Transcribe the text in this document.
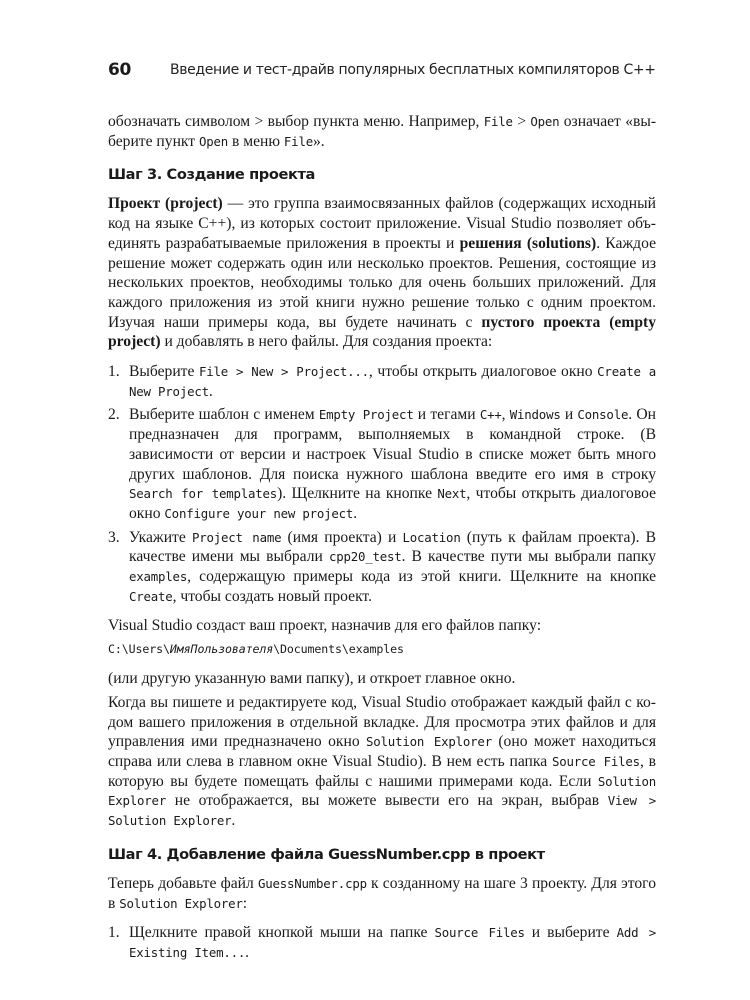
60	Введение и тест-драйв популярных бесплатных компиляторов C++

обозначать символом > выбор пункта меню. Например, File > Open означает «вы-берите пункт Open в меню File».

Шаг 3. Создание проекта

Проект (project) — это группа взаимосвязанных файлов (содержащих исходный код на языке C++), из которых состоит приложение. Visual Studio позволяет объ-единять разрабатываемые приложения в проекты и решения (solutions). Каждое решение может содержать один или несколько проектов. Решения, состоящие из нескольких проектов, необходимы только для очень больших приложений. Для каждого приложения из этой книги нужно решение только с одним проектом. Изучая наши примеры кода, вы будете начинать с пустого проекта (empty project) и добавлять в него файлы. Для создания проекта:

1. Выберите File > New > Project..., чтобы открыть диалоговое окно Create a New Project.

2. Выберите шаблон с именем Empty Project и тегами C++, Windows и Console. Он предназначен для программ, выполняемых в командной строке. (В зависимости от версии и настроек Visual Studio в списке может быть много других шаблонов. Для поиска нужного шаблона введите его имя в строку Search for templates). Щелкните на кнопке Next, чтобы открыть диалоговое окно Configure your new project.

3. Укажите Project name (имя проекта) и Location (путь к файлам проекта). В качестве имени мы выбрали cpp20_test. В качестве пути мы выбрали папку examples, содержащую примеры кода из этой книги. Щелкните на кнопке Create, чтобы создать новый проект.

Visual Studio создаст ваш проект, назначив для его файлов папку:

C:\Users\ИмяПользователя\Documents\examples

(или другую указанную вами папку), и откроет главное окно.

Когда вы пишете и редактируете код, Visual Studio отображает каждый файл с ко-дом вашего приложения в отдельной вкладке. Для просмотра этих файлов и для управления ими предназначено окно Solution Explorer (оно может находиться справа или слева в главном окне Visual Studio). В нем есть папка Source Files, в которую вы будете помещать файлы с нашими примерами кода. Если Solution Explorer не отображается, вы можете вывести его на экран, выбрав View > Solution Explorer.

Шаг 4. Добавление файла GuessNumber.cpp в проект

Теперь добавьте файл GuessNumber.cpp к созданному на шаге 3 проекту. Для этого в Solution Explorer:

1. Щелкните правой кнопкой мыши на папке Source Files и выберите Add > Existing Item....
